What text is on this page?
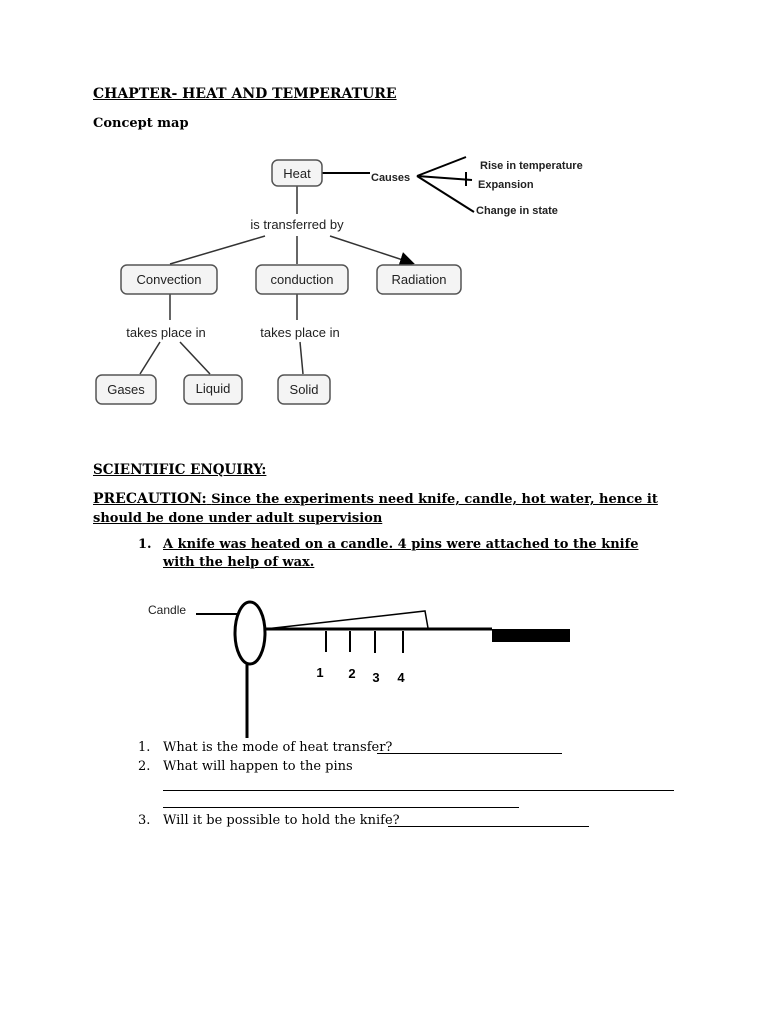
CHAPTER- HEAT AND TEMPERATURE
Concept map
Heat	Causes
Rise in temperature
Expansion
Change in state
is transferred by
Convection	conduction	Radiation
takes place in	takes place in
Gases	Liquid	Solid
SCIENTIFIC ENQUIRY:
PRECAUTION: Since the experiments need knife, candle, hot water, hence it should be done under adult supervision
1. A knife was heated on a candle. 4 pins were attached to the knife with the help of wax.
Candle
1 2 3 4
1. What is the mode of heat transfer?
2. What will happen to the pins
3. Will it be possible to hold the knife?
